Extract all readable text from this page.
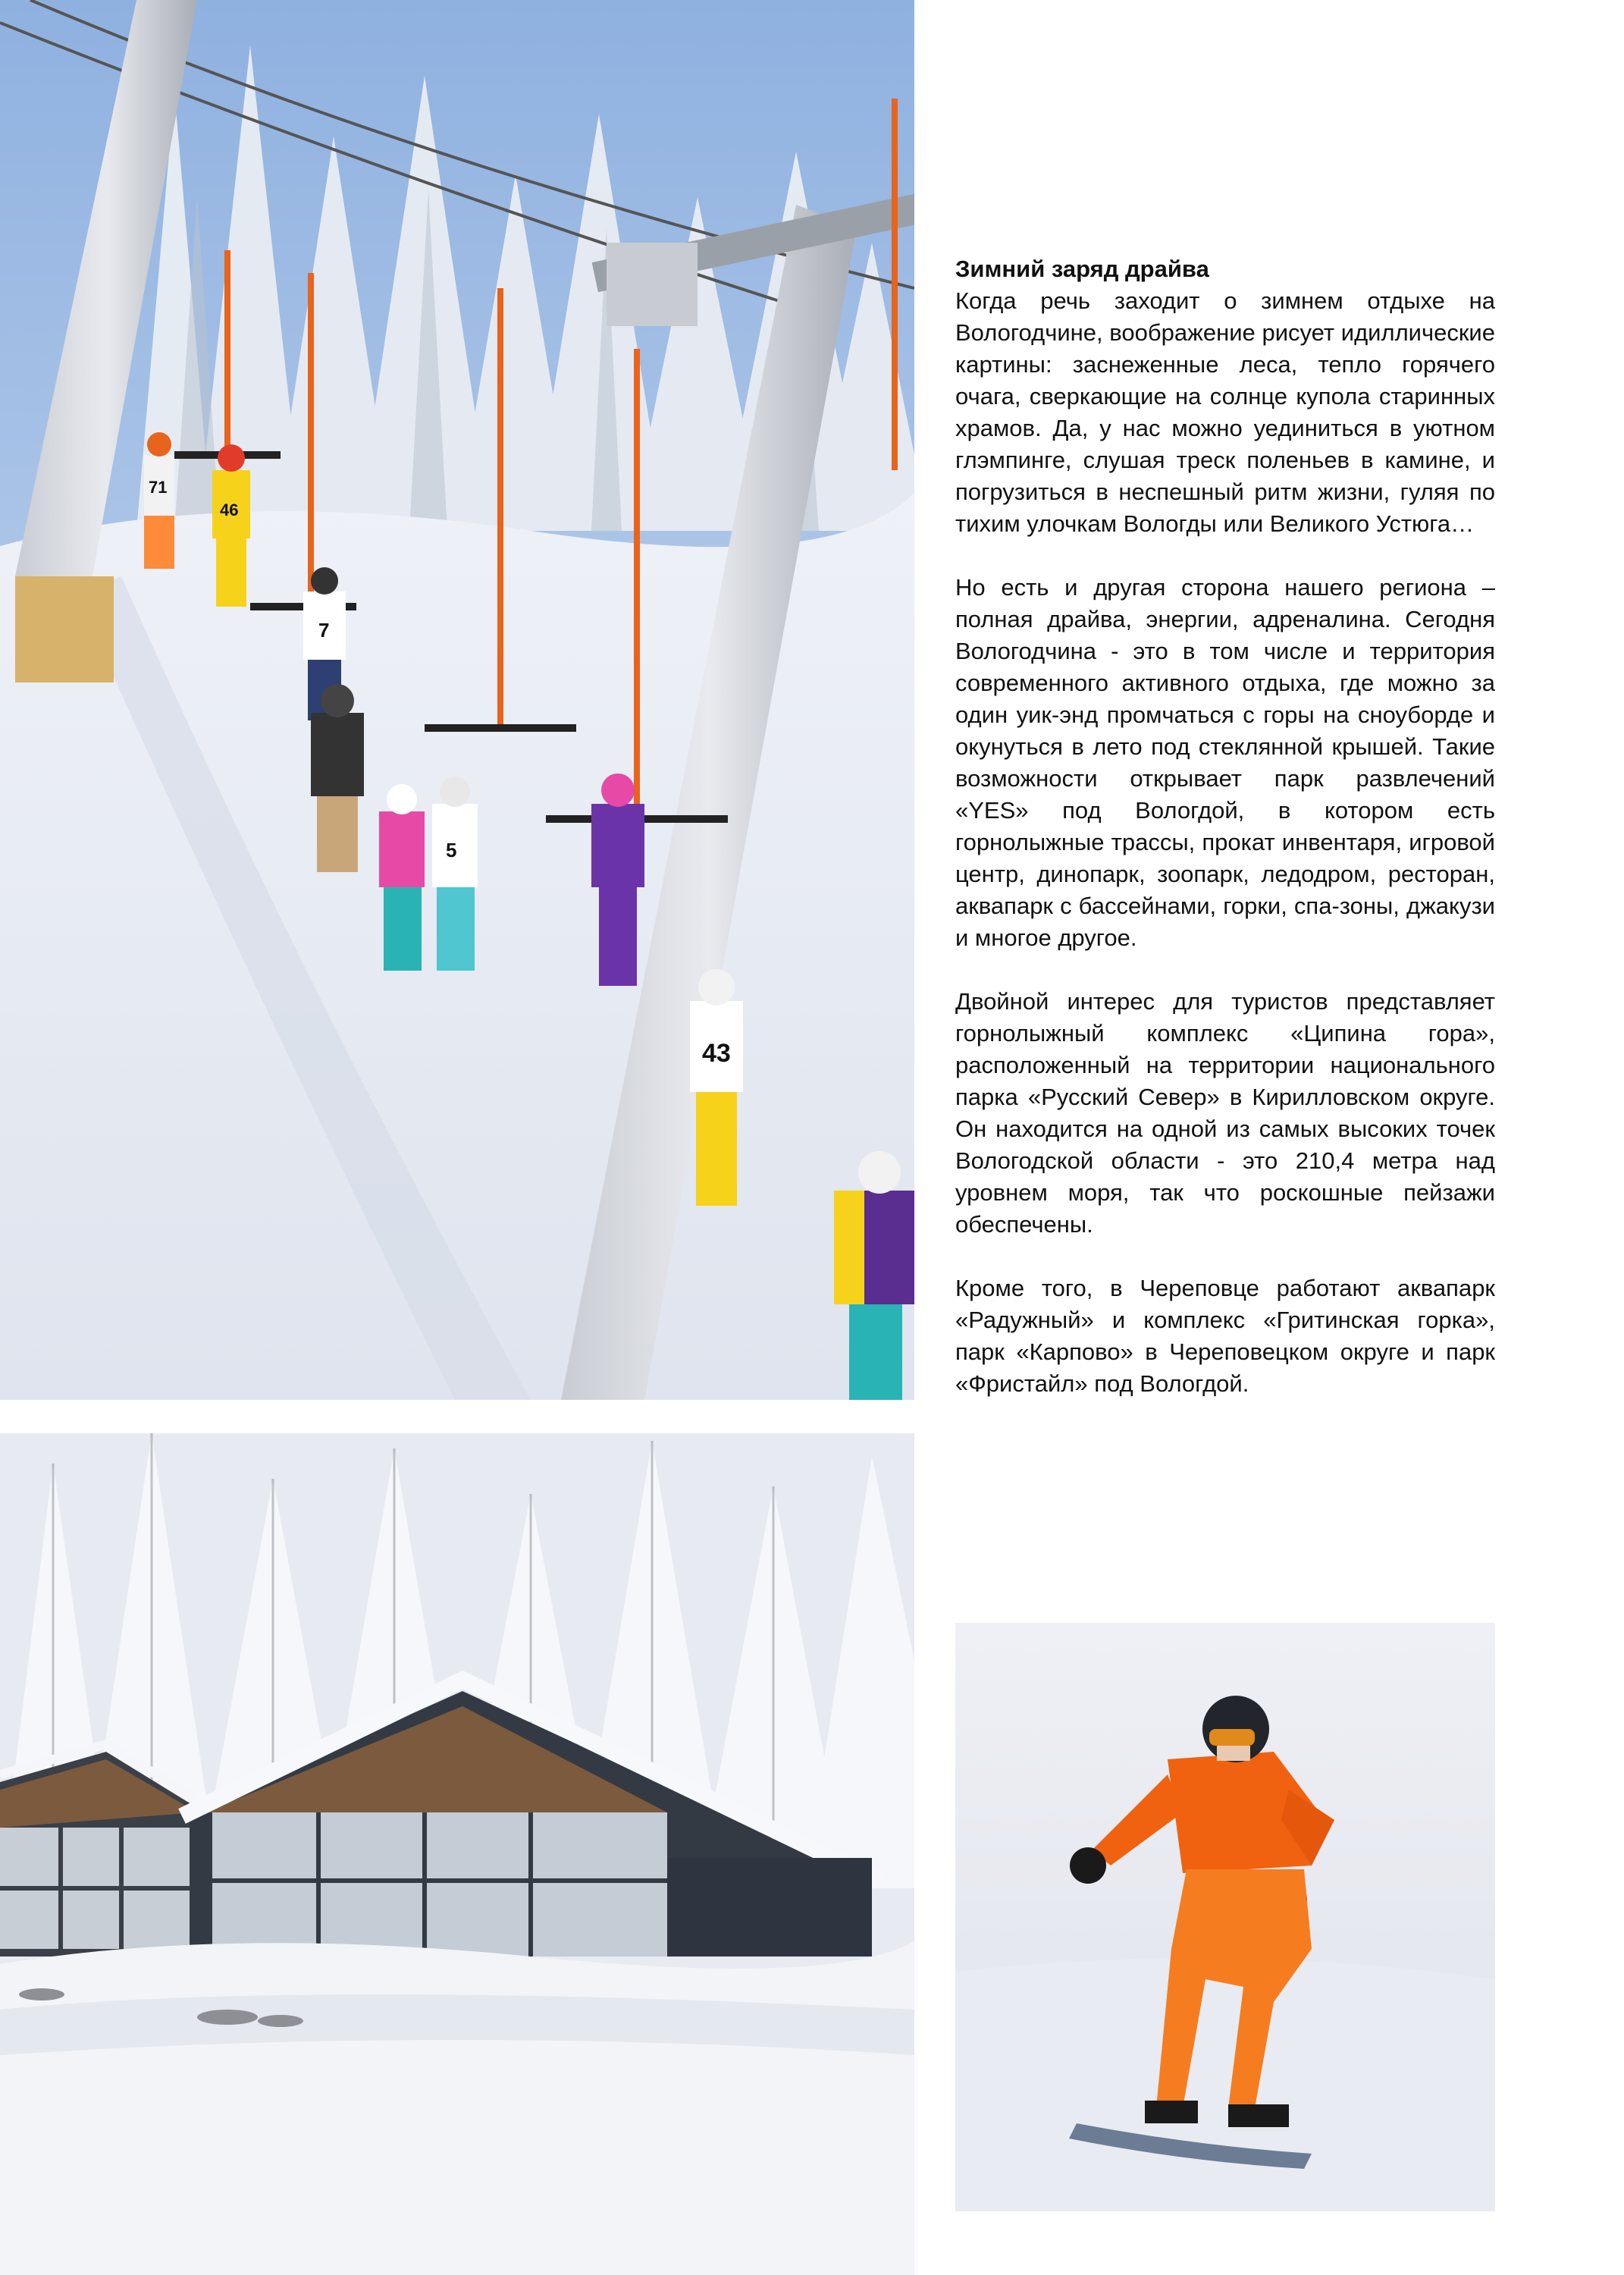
71
46
7
5
43
Зимний заряд драйва

Когда речь заходит о зимнем отдыхе на Вологодчине, воображение рисует идиллические картины: заснеженные леса, тепло горячего очага, сверкающие на солнце купола старинных храмов. Да, у нас можно уединиться в уютном глэмпинге, слушая треск поленьев в камине, и погрузиться в неспешный ритм жизни, гуляя по тихим улочкам Вологды или Великого Устюга…

Но есть и другая сторона нашего региона – полная драйва, энергии, адреналина. Сегодня Вологодчина - это в том числе и территория современного активного отдыха, где можно за один уик-энд промчаться с горы на сноуборде и окунуться в лето под стеклянной крышей. Такие возможности открывает парк развлечений «YES» под Вологдой, в котором есть горнолыжные трассы, прокат инвентаря, игровой центр, динопарк, зоопарк, ледодром, ресторан, аквапарк с бассейнами, горки, спа-зоны, джакузи и многое другое.

Двойной интерес для туристов представляет горнолыжный комплекс «Ципина гора», расположенный на территории национального парка «Русский Север» в Кирилловском округе. Он находится на одной из самых высоких точек Вологодской области - это 210,4 метра над уровнем моря, так что роскошные пейзажи обеспечены.

Кроме того, в Череповце работают аквапарк «Радужный» и комплекс «Гритинская горка», парк «Карпово» в Череповецком округе и парк «Фристайл» под Вологдой.
